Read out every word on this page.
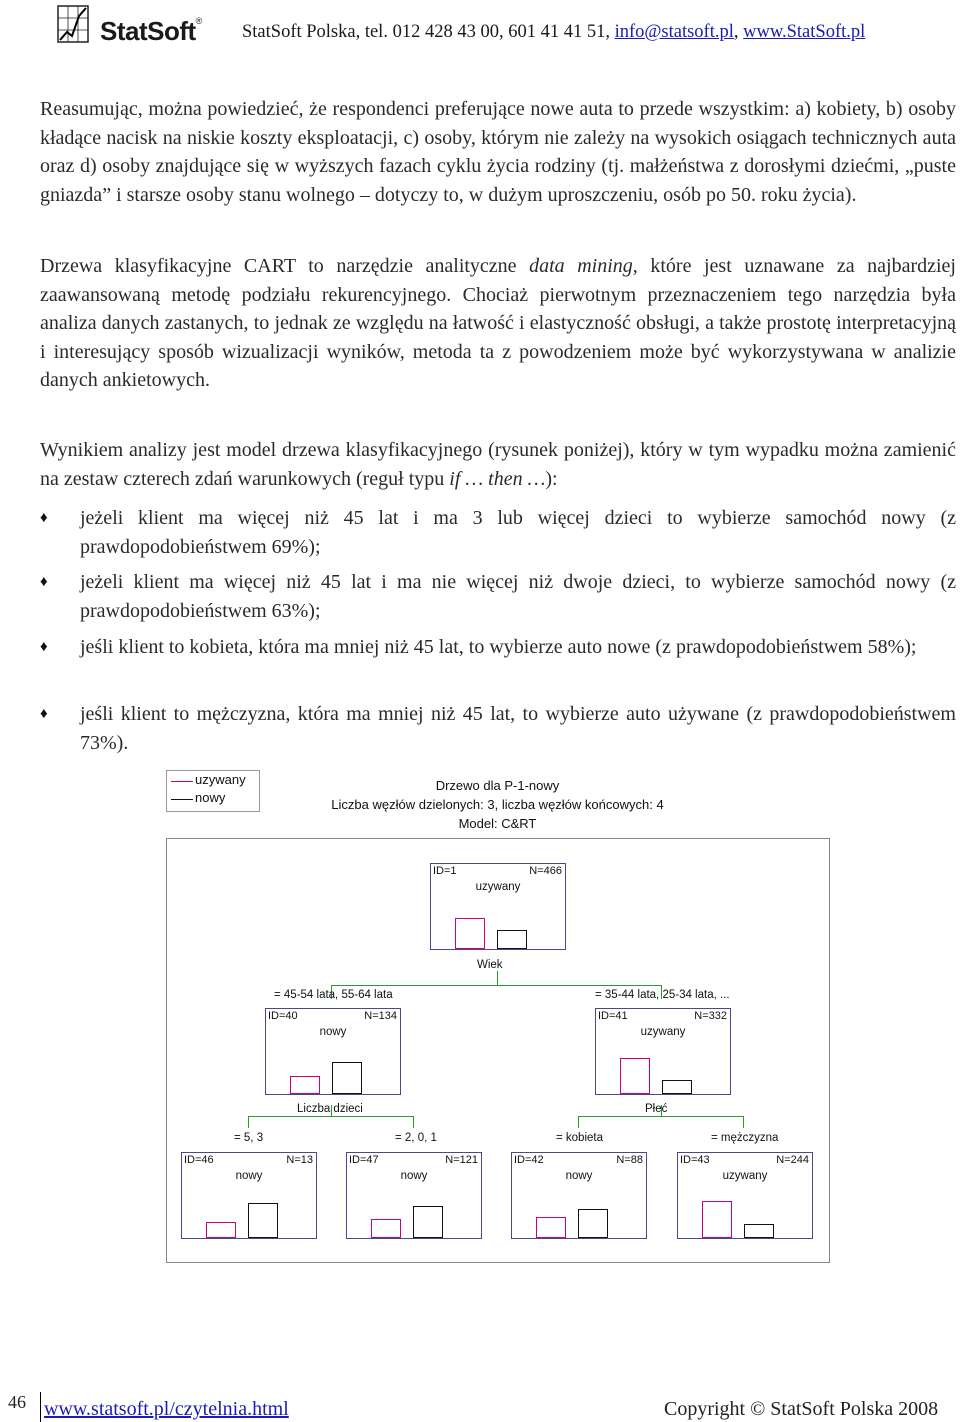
StatSoft®
StatSoft Polska, tel. 012 428 43 00, 601 41 41 51, info@statsoft.pl, www.StatSoft.pl
Reasumując, można powiedzieć, że respondenci preferujące nowe auta to przede wszystkim: a) kobiety, b) osoby kładące nacisk na niskie koszty eksploatacji, c) osoby, którym nie zależy na wysokich osiągach technicznych auta oraz d) osoby znajdujące się w wyższych fazach cyklu życia rodziny (tj. małżeństwa z dorosłymi dziećmi, „puste gniazda” i starsze osoby stanu wolnego – dotyczy to, w dużym uproszczeniu, osób po 50. roku życia).
Drzewa klasyfikacyjne CART to narzędzie analityczne data mining, które jest uznawane za najbardziej zaawansowaną metodę podziału rekurencyjnego. Chociaż pierwotnym przeznaczeniem tego narzędzia była analiza danych zastanych, to jednak ze względu na łatwość i elastyczność obsługi, a także prostotę interpretacyjną i interesujący sposób wizualizacji wyników, metoda ta z powodzeniem może być wykorzystywana w analizie danych ankietowych.
Wynikiem analizy jest model drzewa klasyfikacyjnego (rysunek poniżej), który w tym wypadku można zamienić na zestaw czterech zdań warunkowych (reguł typu if … then …):
♦ jeżeli klient ma więcej niż 45 lat i ma 3 lub więcej dzieci to wybierze samochód nowy (z prawdopodobieństwem 69%);
♦ jeżeli klient ma więcej niż 45 lat i ma nie więcej niż dwoje dzieci, to wybierze samochód nowy (z prawdopodobieństwem 63%);
♦ jeśli klient to kobieta, która ma mniej niż 45 lat, to wybierze auto nowe (z prawdopodobieństwem 58%);
♦ jeśli klient to mężczyzna, która ma mniej niż 45 lat, to wybierze auto używane (z prawdopodobieństwem 73%).
uzywany
nowy
Drzewo dla P-1-nowy
Liczba węzłów dzielonych: 3, liczba węzłów końcowych: 4
Model: C&RT
ID=1	N=466
uzywany
Wiek
= 45-54 lata, 55-64 lata
ID=40	N=134
nowy
Liczba dzieci
= 35-44 lata, 25-34 lata, ...
ID=41	N=332
uzywany
Płeć
= 5, 3
ID=46	N=13
nowy
= 2, 0, 1
ID=47	N=121
nowy
= kobieta
ID=42	N=88
nowy
= mężczyzna
ID=43	N=244
uzywany
46 www.statsoft.pl/czytelnia.html	Copyright © StatSoft Polska 2008
